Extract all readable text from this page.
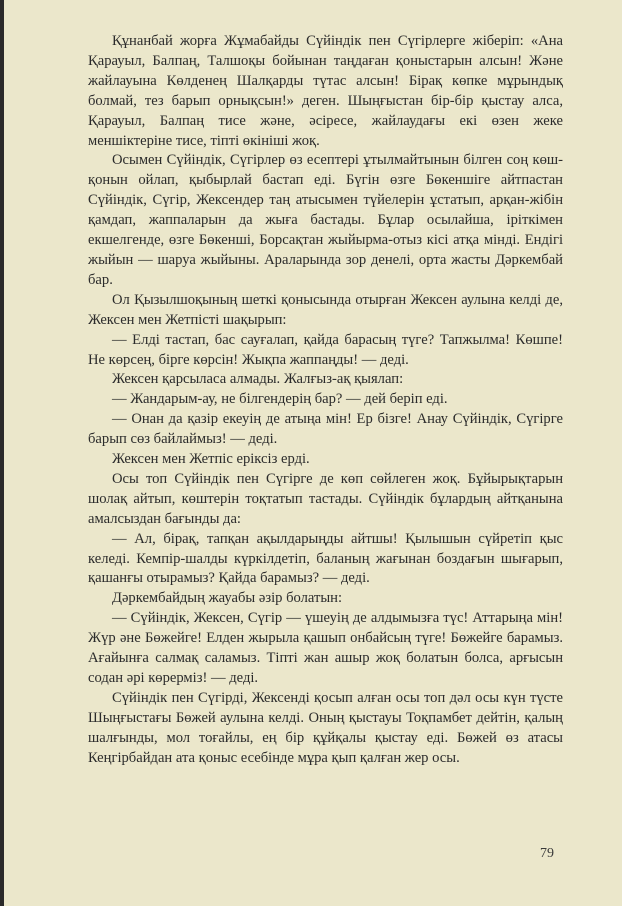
Құнанбай жорға Жұмабайды Сүйіндік пен Сүгірлерге жіберіп: «Ана Қарауыл, Балпаң, Талшоқы бойынан таңдаған қоныстарын алсын! Және жайлауына Көлденең Шалқарды түтас алсын! Бірақ көпке мұрындық болмай, тез барып орнықсын!» деген. Шыңғыстан бір-бір қыстау алса, Қарауыл, Балпаң тисе және, әсіресе, жайлаудағы екі өзен жеке меншіктеріне тисе, тіпті өкініші жоқ.

Осымен Сүйіндік, Сүгірлер өз есептері ұтылмайтынын білген соң көш-қонын ойлап, қыбырлай бастап еді. Бүгін өзге Бөкеншіге айтпастан Сүйіндік, Сүгір, Жексендер таң атысымен түйелерін ұстатып, арқан-жібін қамдап, жаппаларын да жыға бастады. Бұлар осылайша, іріткімен екшелгенде, өзге Бөкенші, Борсақтан жыйырма-отыз кісі атқа мінді. Ендігі жыйын — шаруа жыйыны. Араларында зор денелі, орта жасты Дәркембай бар.

Ол Қызылшоқының шеткі қонысында отырған Жексен аулына келді де, Жексен мен Жетпісті шақырып:

— Елді тастап, бас сауғалап, қайда барасың түге? Тапжылма! Көшпе! Не көрсең, бірге көрсін! Жықпа жаппаңды! — деді.

Жексен қарсыласа алмады. Жалғыз-ақ қыялап:

— Жандарым-ау, не білгендерің бар? — дей беріп еді.

— Онан да қазір екеуің де атыңа мін! Ер бізге! Анау Сүйіндік, Сүгірге барып сөз байлаймыз! — деді.

Жексен мен Жетпіс еріксіз ерді.

Осы топ Сүйіндік пен Сүгірге де көп сөйлеген жоқ. Бұйырықтарын шолақ айтып, көштерін тоқтатып тастады. Сүйіндік бұлардың айтқанына амалсыздан бағынды да:

— Ал, бірақ, тапқан ақылдарыңды айтшы! Қылышын сүйретіп қыс келеді. Кемпір-шалды күркілдетіп, баланың жағынан боздағын шығарып, қашанғы отырамыз? Қайда барамыз? — деді.

Дәркембайдың жауабы әзір болатын:

— Сүйіндік, Жексен, Сүгір — үшеуің де алдымызға түс! Аттарыңа мін! Жүр әне Бөжейге! Елден жырыла қашып онбайсың түге! Бөжейге барамыз. Ағайынға салмақ саламыз. Тіпті жан ашыр жоқ болатын болса, арғысын содан әрі көрерміз! — деді.

Сүйіндік пен Сүгірді, Жексенді қосып алған осы топ дәл осы күн түсте Шыңғыстағы Бөжей аулына келді. Оның қыстауы Тоқпамбет дейтін, қалың шалғынды, мол тоғайлы, ең бір құйқалы қыстау еді. Бөжей өз атасы Кеңгірбайдан ата қоныс есебінде мұра қып қалған жер осы.

79
